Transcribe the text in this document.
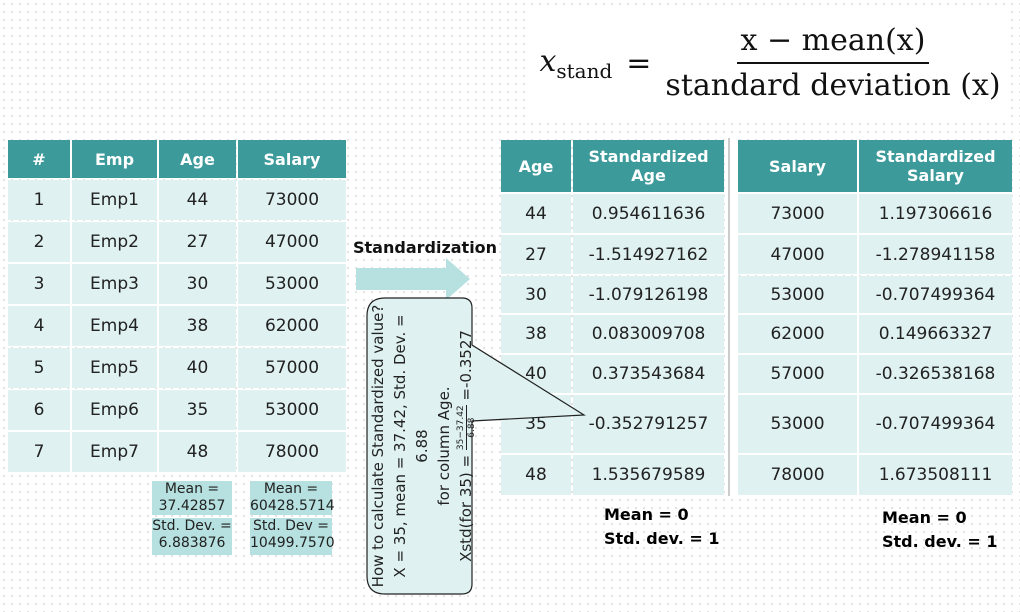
$x_{stand} = \frac{\text{x − mean(x)}}{\text{standard deviation (x)}}$
#	Emp	Age	Salary
1	Emp1	44	73000
2	Emp2	27	47000
3	Emp3	30	53000
4	Emp4	38	62000
5	Emp5	40	57000
6	Emp6	35	53000
7	Emp7	48	78000
Age	Standardized Age
44	0.954611636
27	-1.514927162
30	-1.079126198
38	0.083009708
40	0.373543684
35	-0.352791257
48	1.535679589
Salary	Standardized Salary
73000	1.197306616
47000	-1.278941158
53000	-0.707499364
62000	0.149663327
57000	-0.326538168
53000	-0.707499364
78000	1.673508111
Mean =
37.42857
Std. Dev. =
6.883876
Mean =
60428.5714
Std. Dev =
10499.7570
Standardization
How to calculate Standardized value? X = 35, mean = 37.42, Std. Dev. = 6.88 for column Age.
Xstd(for 35) =
35−37.42 6.88
=-0.3527
Mean = 0
Std. dev. = 1
Mean = 0
Std. dev. = 1
